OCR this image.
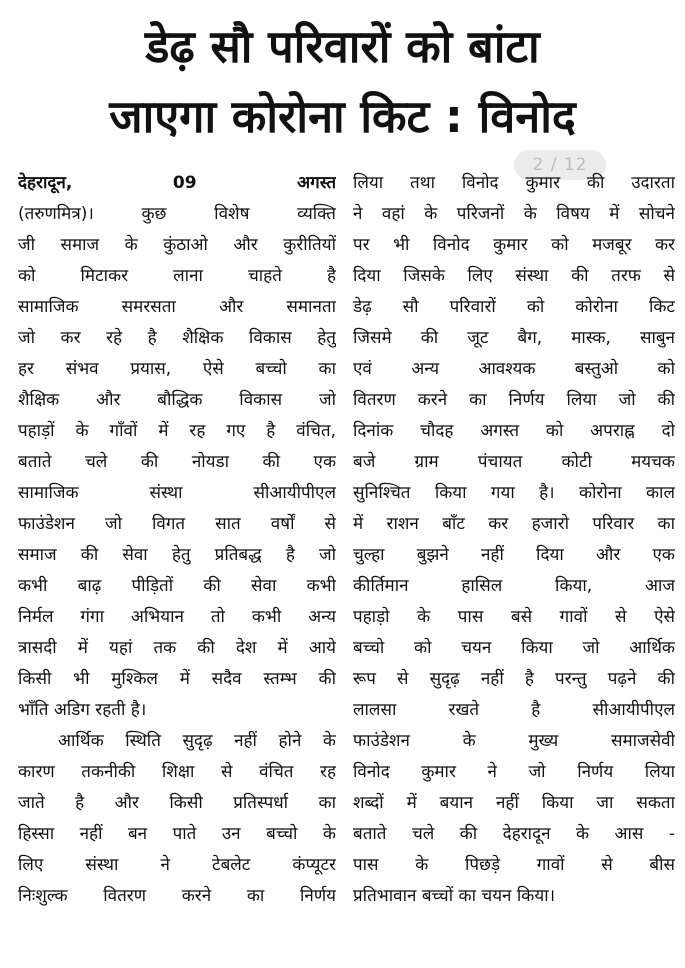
डेढ़ सौ परिवारों को बांटा
जाएगा कोरोना किट : विनोद
2 / 12
देहरादून,	09	अगस्त
(तरुणमित्र)। कुछ विशेष व्यक्ति
जी समाज के कुंठाओ और कुरीतियों
को मिटाकर लाना चाहते है
सामाजिक समरसता और समानता
जो कर रहे है शैक्षिक विकास हेतु
हर संभव प्रयास, ऐसे बच्चो का
शैक्षिक और बौद्धिक विकास जो
पहाड़ों के गाँवों में रह गए है वंचित,
बताते चले की नोयडा की एक
सामाजिक संस्था सीआयीपीएल
फाउंडेशन जो विगत सात वर्षों से
समाज की सेवा हेतु प्रतिबद्ध है जो
कभी बाढ़ पीड़ितों की सेवा कभी
निर्मल गंगा अभियान तो कभी अन्य
त्रासदी में यहां तक की देश में आये
किसी भी मुश्किल में सदैव स्तम्भ की
भाँति अडिग रहती है।
आर्थिक स्थिति सुदृढ़ नहीं होने के
कारण तकनीकी शिक्षा से वंचित रह
जाते है और किसी प्रतिस्पर्धा का
हिस्सा नहीं बन पाते उन बच्चो के
लिए संस्था ने टेबलेट कंप्यूटर
निःशुल्क वितरण करने का निर्णय
लिया तथा विनोद कुमार की उदारता
ने वहां के परिजनों के विषय में सोचने
पर भी विनोद कुमार को मजबूर कर
दिया जिसके लिए संस्था की तरफ से
डेढ़ सौ परिवारों को कोरोना किट
जिसमे की जूट बैग, मास्क, साबुन
एवं अन्य आवश्यक बस्तुओ को
वितरण करने का निर्णय लिया जो की
दिनांक चौदह अगस्त को अपराह्न दो
बजे ग्राम पंचायत कोटी मयचक
सुनिश्चित किया गया है। कोरोना काल
में राशन बाँट कर हजारो परिवार का
चुल्हा बुझने नहीं दिया और एक
कीर्तिमान हासिल किया, आज
पहाड़ो के पास बसे गावों से ऐसे
बच्चो को चयन किया जो आर्थिक
रूप से सुदृढ़ नहीं है परन्तु पढ़ने की
लालसा रखते है सीआयीपीएल
फाउंडेशन के मुख्य समाजसेवी
विनोद कुमार ने जो निर्णय लिया
शब्दों में बयान नहीं किया जा सकता
बताते चले की देहरादून के आस -
पास के पिछड़े गावों से बीस
प्रतिभावान बच्चों का चयन किया।
